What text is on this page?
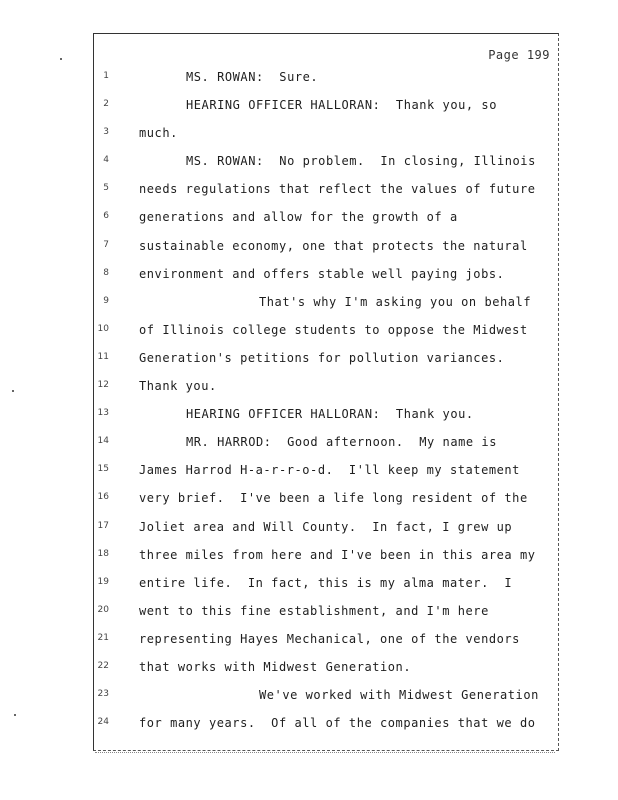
Page 199
1	MS. ROWAN:  Sure.
2	HEARING OFFICER HALLORAN:  Thank you, so
3	much.
4	MS. ROWAN:  No problem.  In closing, Illinois
5	needs regulations that reflect the values of future
6	generations and allow for the growth of a
7	sustainable economy, one that protects the natural
8	environment and offers stable well paying jobs.
9	That's why I'm asking you on behalf
10	of Illinois college students to oppose the Midwest
11	Generation's petitions for pollution variances.
12	Thank you.
13	HEARING OFFICER HALLORAN:  Thank you.
14	MR. HARROD:  Good afternoon.  My name is
15	James Harrod H-a-r-r-o-d.  I'll keep my statement
16	very brief.  I've been a life long resident of the
17	Joliet area and Will County.  In fact, I grew up
18	three miles from here and I've been in this area my
19	entire life.  In fact, this is my alma mater.  I
20	went to this fine establishment, and I'm here
21	representing Hayes Mechanical, one of the vendors
22	that works with Midwest Generation.
23	We've worked with Midwest Generation
24	for many years.  Of all of the companies that we do
